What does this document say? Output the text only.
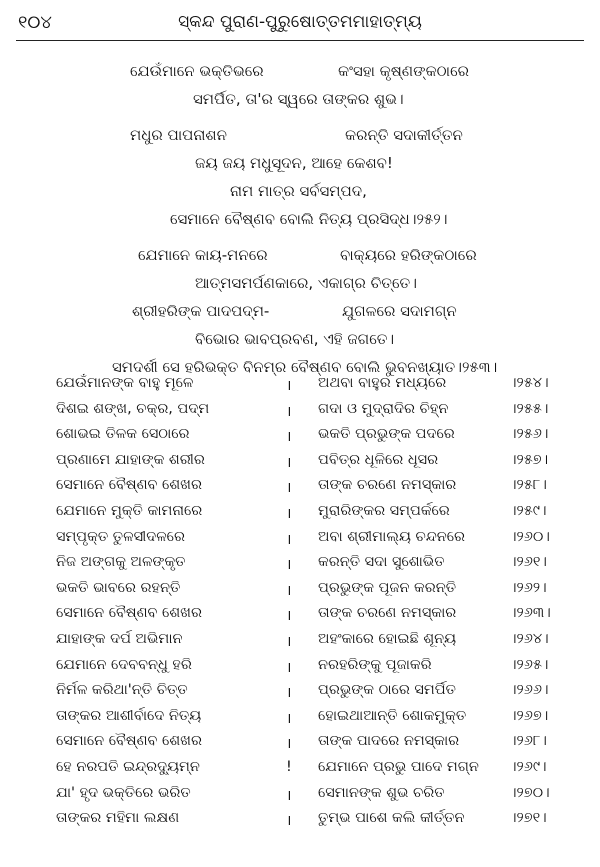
୧୦୪	ସ୍କନ୍ଦ ପୁରାଣ-ପୁରୁଷୋତ୍ତମମାହାତ୍ମ୍ୟ
ଯେଉଁମାନେ ଭକ୍ତିଭରେ	କଂସହା କୃଷ୍ଣଙ୍କଠାରେ
ସମର୍ପିତ, ତା'ର ସ୍ୱରେ ତାଙ୍କର ଶୁଭ।
ମଧୁର ପାପନାଶନ	କରନ୍ତି ସଦାକୀର୍ତ୍ତନ
ଜୟ ଜୟ ମଧୁସୂଦନ, ଆହେ କେଶବ!
ନାମ ମାତ୍ର ସର୍ବସମ୍ପଦ,
ସେମାନେ ବୈଷ୍ଣବ ବୋଲି ନିତ୍ୟ ପ୍ରସିଦ୍ଧ।୨୫୨।
ଯେମାନେ କାୟ-ମନରେ	ବାକ୍ୟରେ ହରିଙ୍କଠାରେ
ଆତ୍ମସମର୍ପଣକାରେ, ଏକାଗ୍ର ଚିତ୍ତେ।
ଶ୍ରୀହରିଙ୍କ ପାଦପଦ୍ମ-	ଯୁଗଳରେ ସଦାମଗ୍ନ
ବିଭୋର ଭାବପ୍ରବଣ, ଏହି ଜଗତେ।
ସମଦର୍ଶୀ ସେ ହରିଭକ୍ତ ବିନମ୍ର ବୈଷ୍ଣବ ବୋଲି ଭୁବନଖ୍ୟାତ।୨୫୩।
ଯେଉଁମାନଙ୍କ ବାହୁ ମୂଳେ	। ଅଥବା ବାହୁର ମଧ୍ୟରେ	।୨୫୪।
ଦିଶଇ ଶଙ୍ଖ, ଚକ୍ର, ପଦ୍ମ	। ଗଦା ଓ ମୁଦ୍ରାଦିର ଚିହ୍ନ	।୨୫୫।
ଶୋଭଇ ତିଳକ ସେଠାରେ	। ଭକତି ପ୍ରଭୁଙ୍କ ପଦରେ	।୨୫୬।
ପ୍ରଣାମେ ଯାହାଙ୍କ ଶରୀର	। ପବିତ୍ର ଧୂଳିରେ ଧୂସର	।୨୫୭।
ସେମାନେ ବୈଷ୍ଣବ ଶେଖର	। ତାଙ୍କ ଚରଣେ ନମସ୍କାର	।୨୫୮।
ଯେମାନେ ମୁକ୍ତି କାମନାରେ	। ମୁରାରିଙ୍କର ସମ୍ପର୍କରେ	।୨୫୯।
ସମ୍ପୃକ୍ତ ତୁଳସୀଦଳରେ	। ଅବା ଶ୍ରୀମାଲ୍ୟ ଚନ୍ଦନରେ	।୨୬୦।
ନିଜ ଅଙ୍ଗକୁ ଅଳଙ୍କୃତ	। କରନ୍ତି ସଦା ସୁଶୋଭିତ	।୨୬୧।
ଭକତି ଭାବରେ ରହନ୍ତି	। ପ୍ରଭୁଙ୍କ ପୂଜନ କରନ୍ତି	।୨୬୨।
ସେମାନେ ବୈଷ୍ଣବ ଶେଖର	। ତାଙ୍କ ଚରଣେ ନମସ୍କାର	।୨୬୩।
ଯାହାଙ୍କ ଦର୍ପ ଅଭିମାନ	। ଅହଂକାରେ ହୋଇଛି ଶୂନ୍ୟ	।୨୬୪।
ଯେମାନେ ଦେବବନ୍ଧୁ ହରି	। ନରହରିଙ୍କୁ ପୂଜାକରି	।୨୬୫।
ନିର୍ମଳ କରିଥା'ନ୍ତି ଚିତ୍ତ	। ପ୍ରଭୁଙ୍କ ଠାରେ ସମର୍ପିତ	।୨୬୬।
ତାଙ୍କର ଆଶୀର୍ବାଦେ ନିତ୍ୟ	। ହୋଇଥାଆନ୍ତି ଶୋକମୁକ୍ତ	।୨୬୭।
ସେମାନେ ବୈଷ୍ଣବ ଶେଖର	। ତାଙ୍କ ପାଦରେ ନମସ୍କାର	।୨୬୮।
ହେ ନରପତି ଇନ୍ଦ୍ରଦ୍ୟୁମ୍ନ	! ଯେମାନେ ପ୍ରଭୁ ପାଦେ ମଗ୍ନ ।୨୬୯।
ଯା' ହୃଦ ଭକ୍ତିରେ ଭରିତ	। ସେମାନଙ୍କ ଶୁଭ ଚରିତ	।୨୭୦।
ତାଙ୍କର ମହିମା ଲକ୍ଷଣ	। ତୁମ୍ଭ ପାଶେ କଲି କୀର୍ତ୍ତନ	।୨୭୧।
